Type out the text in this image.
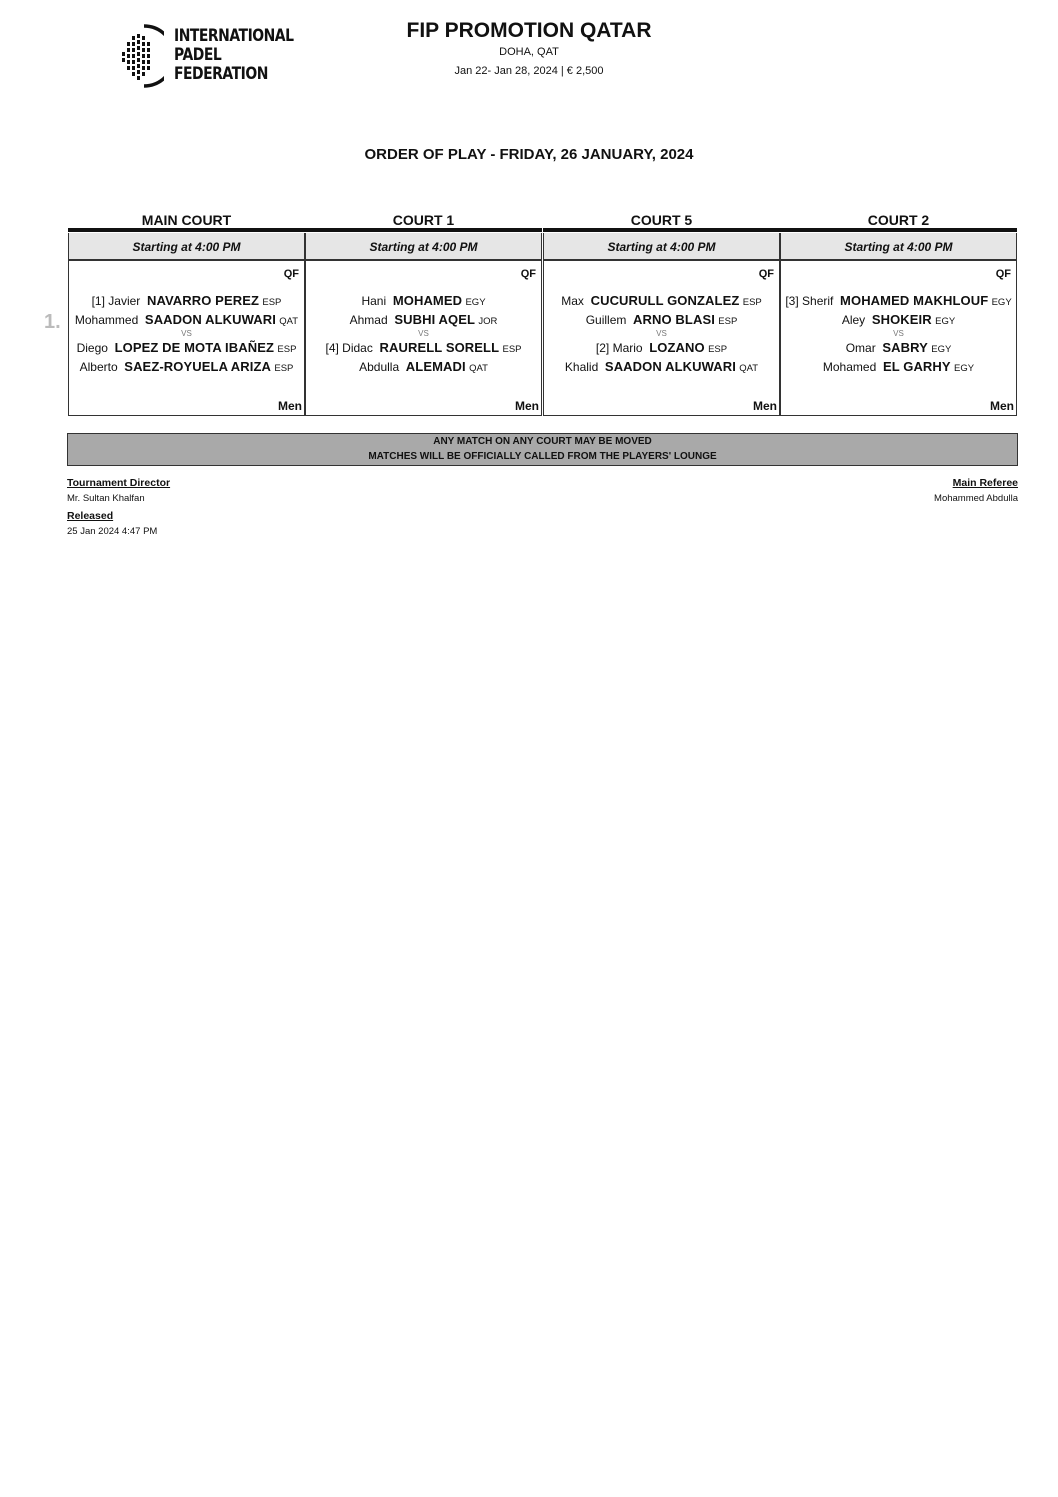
INTERNATIONAL
PADEL
FEDERATION
FIP PROMOTION QATAR
DOHA, QAT
Jan 22- Jan 28, 2024 | € 2,500
ORDER OF PLAY - FRIDAY, 26 JANUARY, 2024
1.
MAIN COURT
Starting at 4:00 PM
QF
[1] Javier NAVARRO PEREZ ESP
Mohammed SAADON ALKUWARI QAT
VS
Diego LOPEZ DE MOTA IBAÑEZ ESP
Alberto SAEZ-ROYUELA ARIZA ESP
Men
COURT 1
Starting at 4:00 PM
QF
Hani MOHAMED EGY
Ahmad SUBHI AQEL JOR
VS
[4] Didac RAURELL SORELL ESP
Abdulla ALEMADI QAT
Men
COURT 5
Starting at 4:00 PM
QF
Max CUCURULL GONZALEZ ESP
Guillem ARNO BLASI ESP
VS
[2] Mario LOZANO ESP
Khalid SAADON ALKUWARI QAT
Men
COURT 2
Starting at 4:00 PM
QF
[3] Sherif MOHAMED MAKHLOUF EGY
Aley SHOKEIR EGY
VS
Omar SABRY EGY
Mohamed EL GARHY EGY
Men
ANY MATCH ON ANY COURT MAY BE MOVED
MATCHES WILL BE OFFICIALLY CALLED FROM THE PLAYERS' LOUNGE
Tournament Director
Mr. Sultan Khalfan
Released
25 Jan 2024 4:47 PM
Main Referee
Mohammed Abdulla
